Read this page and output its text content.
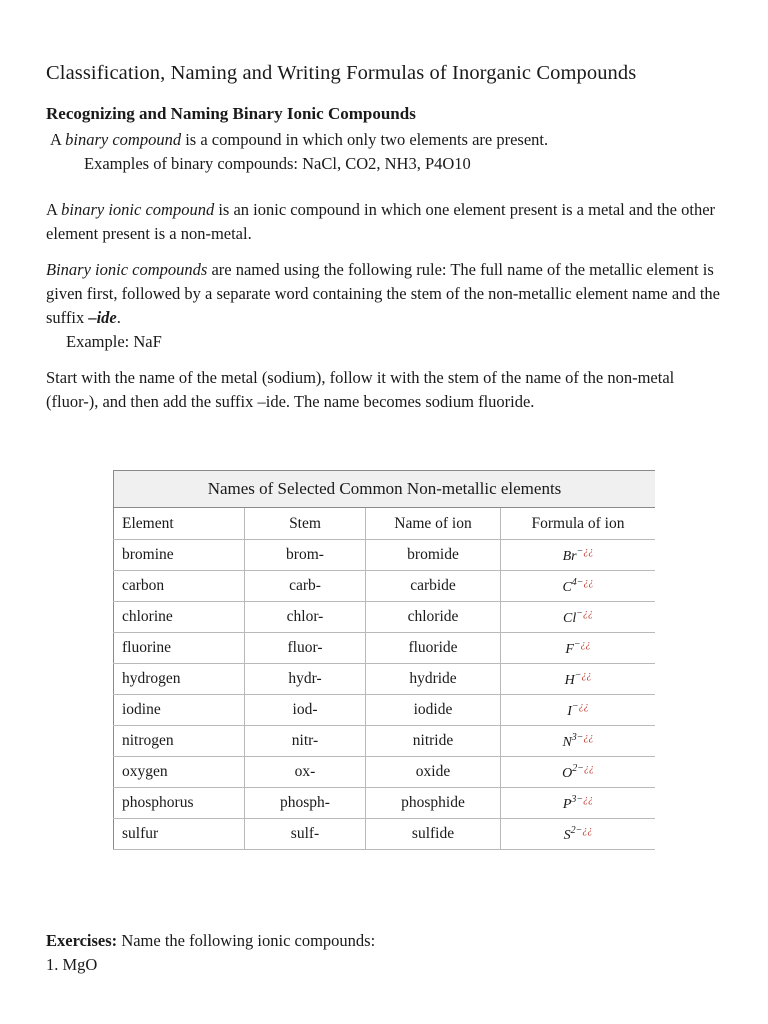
Classification, Naming and Writing Formulas of Inorganic Compounds
Recognizing and Naming Binary Ionic Compounds

A binary compound is a compound in which only two elements are present.

Examples of binary compounds: NaCl, CO2, NH3, P4O10

A binary ionic compound is an ionic compound in which one element present is a metal and the other element present is a non-metal.

Binary ionic compounds are named using the following rule: The full name of the metallic element is given first, followed by a separate word containing the stem of the non-metallic element name and the suffix –ide.

Example: NaF

Start with the name of the metal (sodium), follow it with the stem of the name of the non-metal (fluor-), and then add the suffix –ide. The name becomes sodium fluoride.

Names of Selected Common Non-metallic elements			
Element	Stem	Name of ion	Formula of ion
bromine	brom-	bromide	Br−¿¿
carbon	carb-	carbide	$C^{4-¿¿}$
chlorine	chlor-	chloride	Cl−¿¿
fluorine	fluor-	fluoride	F−¿¿
hydrogen	hydr-	hydride	H−¿¿
iodine	iod-	iodide	I−¿¿
nitrogen	nitr-	nitride	$N^{3-¿¿}$
oxygen	ox-	oxide	$O^{2-¿¿}$
phosphorus	phosph-	phosphide	$P^{3-¿¿}$
sulfur	sulf-	sulfide	$S^{2-¿¿}$

Exercises: Name the following ionic compounds:

1. MgO
